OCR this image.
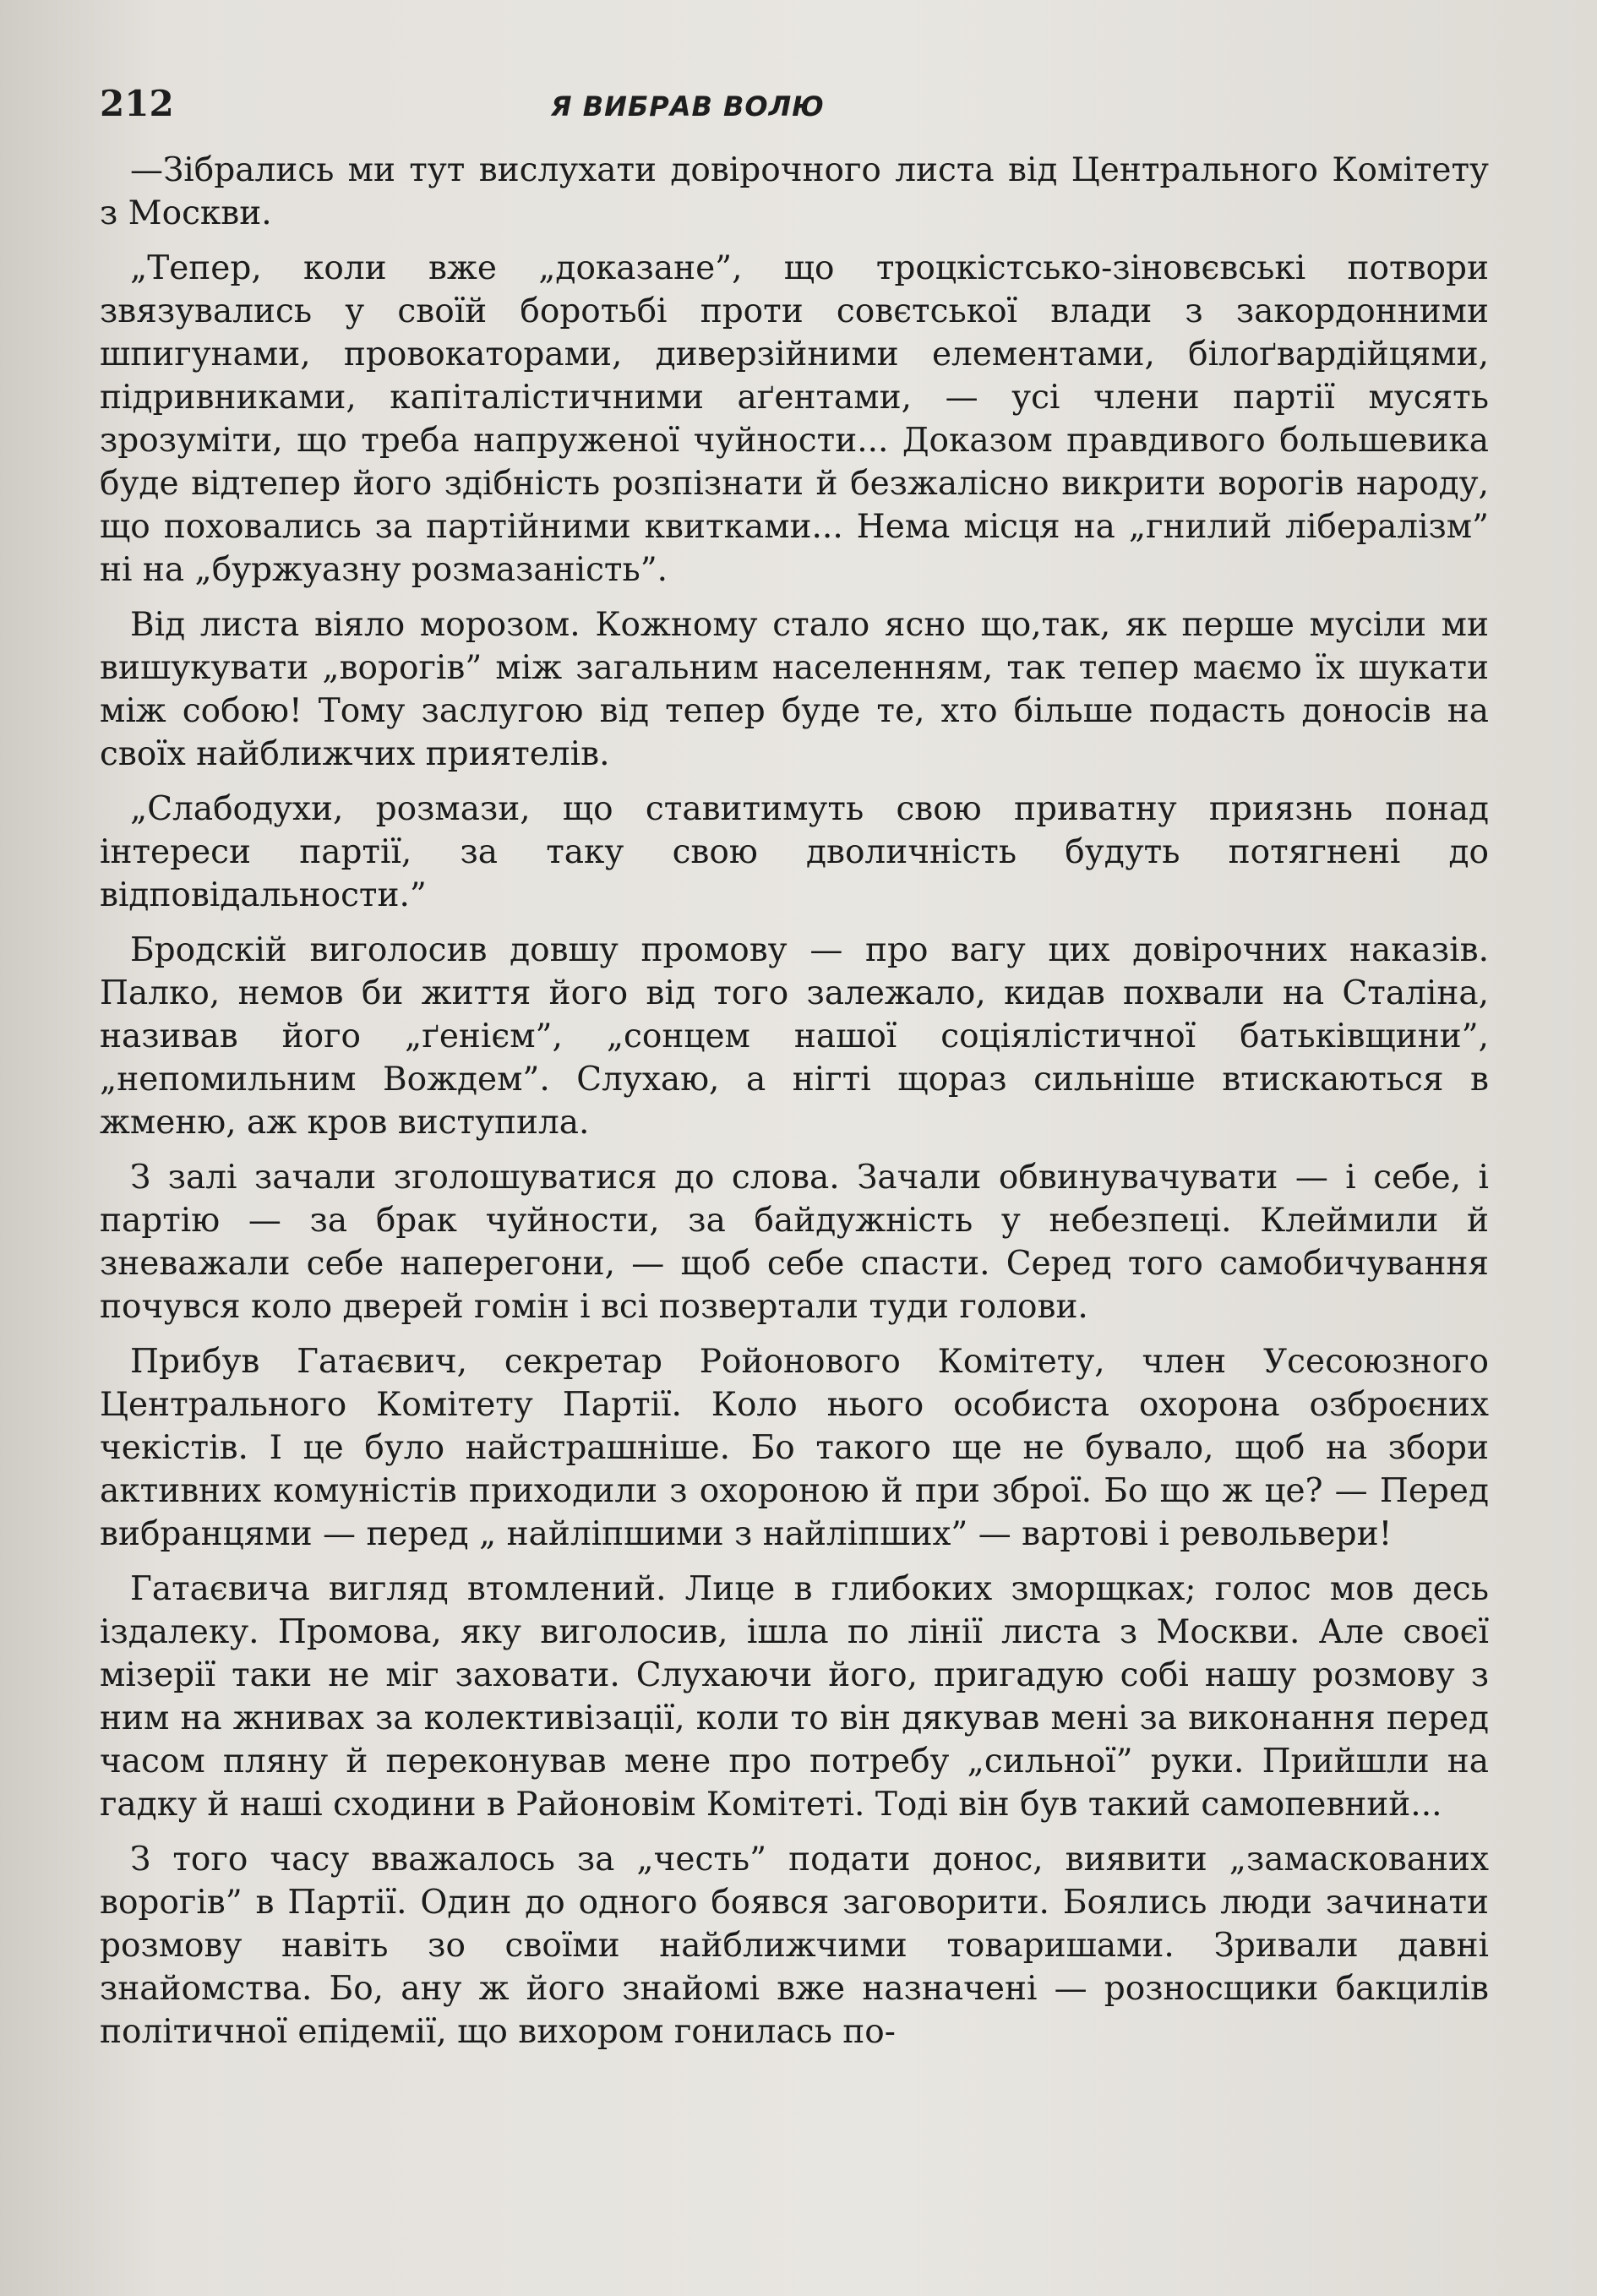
212	Я ВИБРАВ ВОЛЮ

—Зібрались ми тут вислухати довірочного листа від Центрального Комітету з Москви.

„Тепер, коли вже „доказане”, що троцкістсько-зіновєвські потвори звязувались у своїй боротьбі проти совєтської влади з закордонними шпигунами, провокаторами, диверзійними елементами, білоґвардійцями, підривниками, капіталістичними аґентами, — усі члени партії мусять зрозуміти, що треба напруженої чуйности... Доказом правдивого большевика буде відтепер його здібність розпізнати й безжалісно викрити ворогів народу, що поховались за партійними квитками... Нема місця на „гнилий лібералізм” ні на „буржуазну розмазаність”.

Від листа віяло морозом. Кожному стало ясно що,так, як перше мусіли ми вишукувати „ворогів” між загальним населенням, так тепер маємо їх шукати між собою! Тому заслугою від тепер буде те, хто більше подасть доносів на своїх найближчих приятелів.

„Слабодухи, розмази, що ставитимуть свою приватну приязнь понад інтереси партії, за таку свою дволичність будуть потягнені до відповідальности.”

Бродскій виголосив довшу промову — про вагу цих довірочних наказів. Палко, немов би життя його від того залежало, кидав похвали на Сталіна, називав його „ґенієм”, „сонцем нашої соціялістичної батьківщини”, „непомильним Вождем”. Слухаю, а нігті щораз сильніше втискаються в жменю, аж кров виступила.

З залі зачали зголошуватися до слова. Зачали обвинувачувати — і себе, і партію — за брак чуйности, за байдужність у небезпеці. Клеймили й зневажали себе наперегони, — щоб себе спасти. Серед того самобичування почувся коло дверей гомін і всі позвертали туди голови.

Прибув Гатаєвич, секретар Ройонового Комітету, член Усесоюзного Центрального Комітету Партії. Коло нього особиста охорона озброєних чекістів. І це було найстрашніше. Бо такого ще не бувало, щоб на збори активних комуністів приходили з охороною й при зброї. Бо що ж це? — Перед вибранцями — перед „ найліпшими з найліпших” — вартові і револьвери!

Гатаєвича вигляд втомлений. Лице в глибоких зморщках; голос мов десь іздалеку. Промова, яку виголосив, ішла по лінії листа з Москви. Але своєї мізерії таки не міг заховати. Слухаючи його, пригадую собі нашу розмову з ним на жнивах за колективізації, коли то він дякував мені за виконання перед часом пляну й переконував мене про потребу „сильної” руки. Прийшли на гадку й наші сходини в Районовім Комітеті. Тоді він був такий самопевний...

З того часу вважалось за „честь” подати донос, виявити „замаскованих ворогів” в Партії. Один до одного боявся заговорити. Боялись люди зачинати розмову навіть зо своїми найближчими товаришами. Зривали давні знайомства. Бо, ану ж його знайомі вже назначені — розносщики бакцилів політичної епідемії, що вихором гонилась по-
